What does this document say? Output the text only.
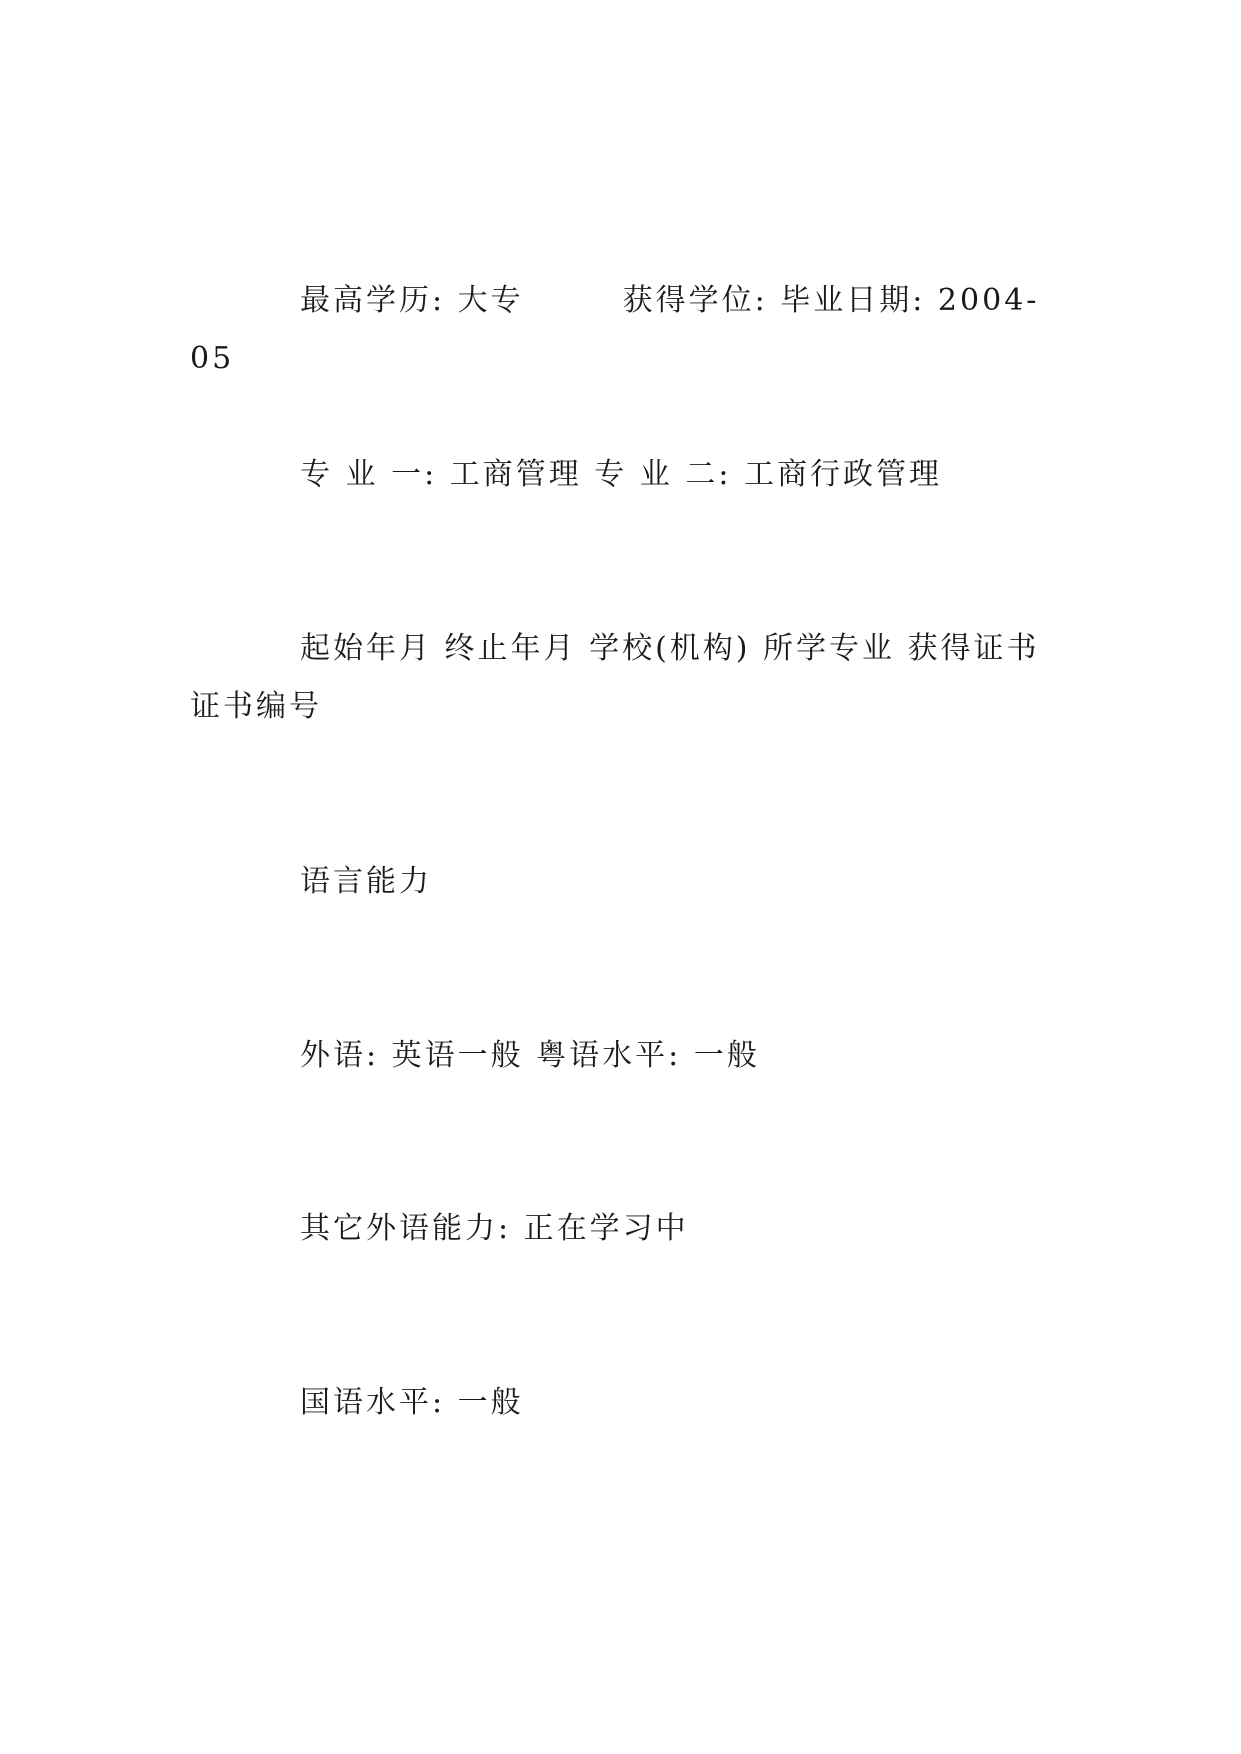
最高学历: 大专　　　获得学位: 毕业日期: 2004-05

专 业 一: 工商管理 专 业 二: 工商行政管理

起始年月 终止年月 学校(机构) 所学专业 获得证书 证书编号

语言能力

外语: 英语一般 粤语水平: 一般

其它外语能力: 正在学习中

国语水平: 一般
